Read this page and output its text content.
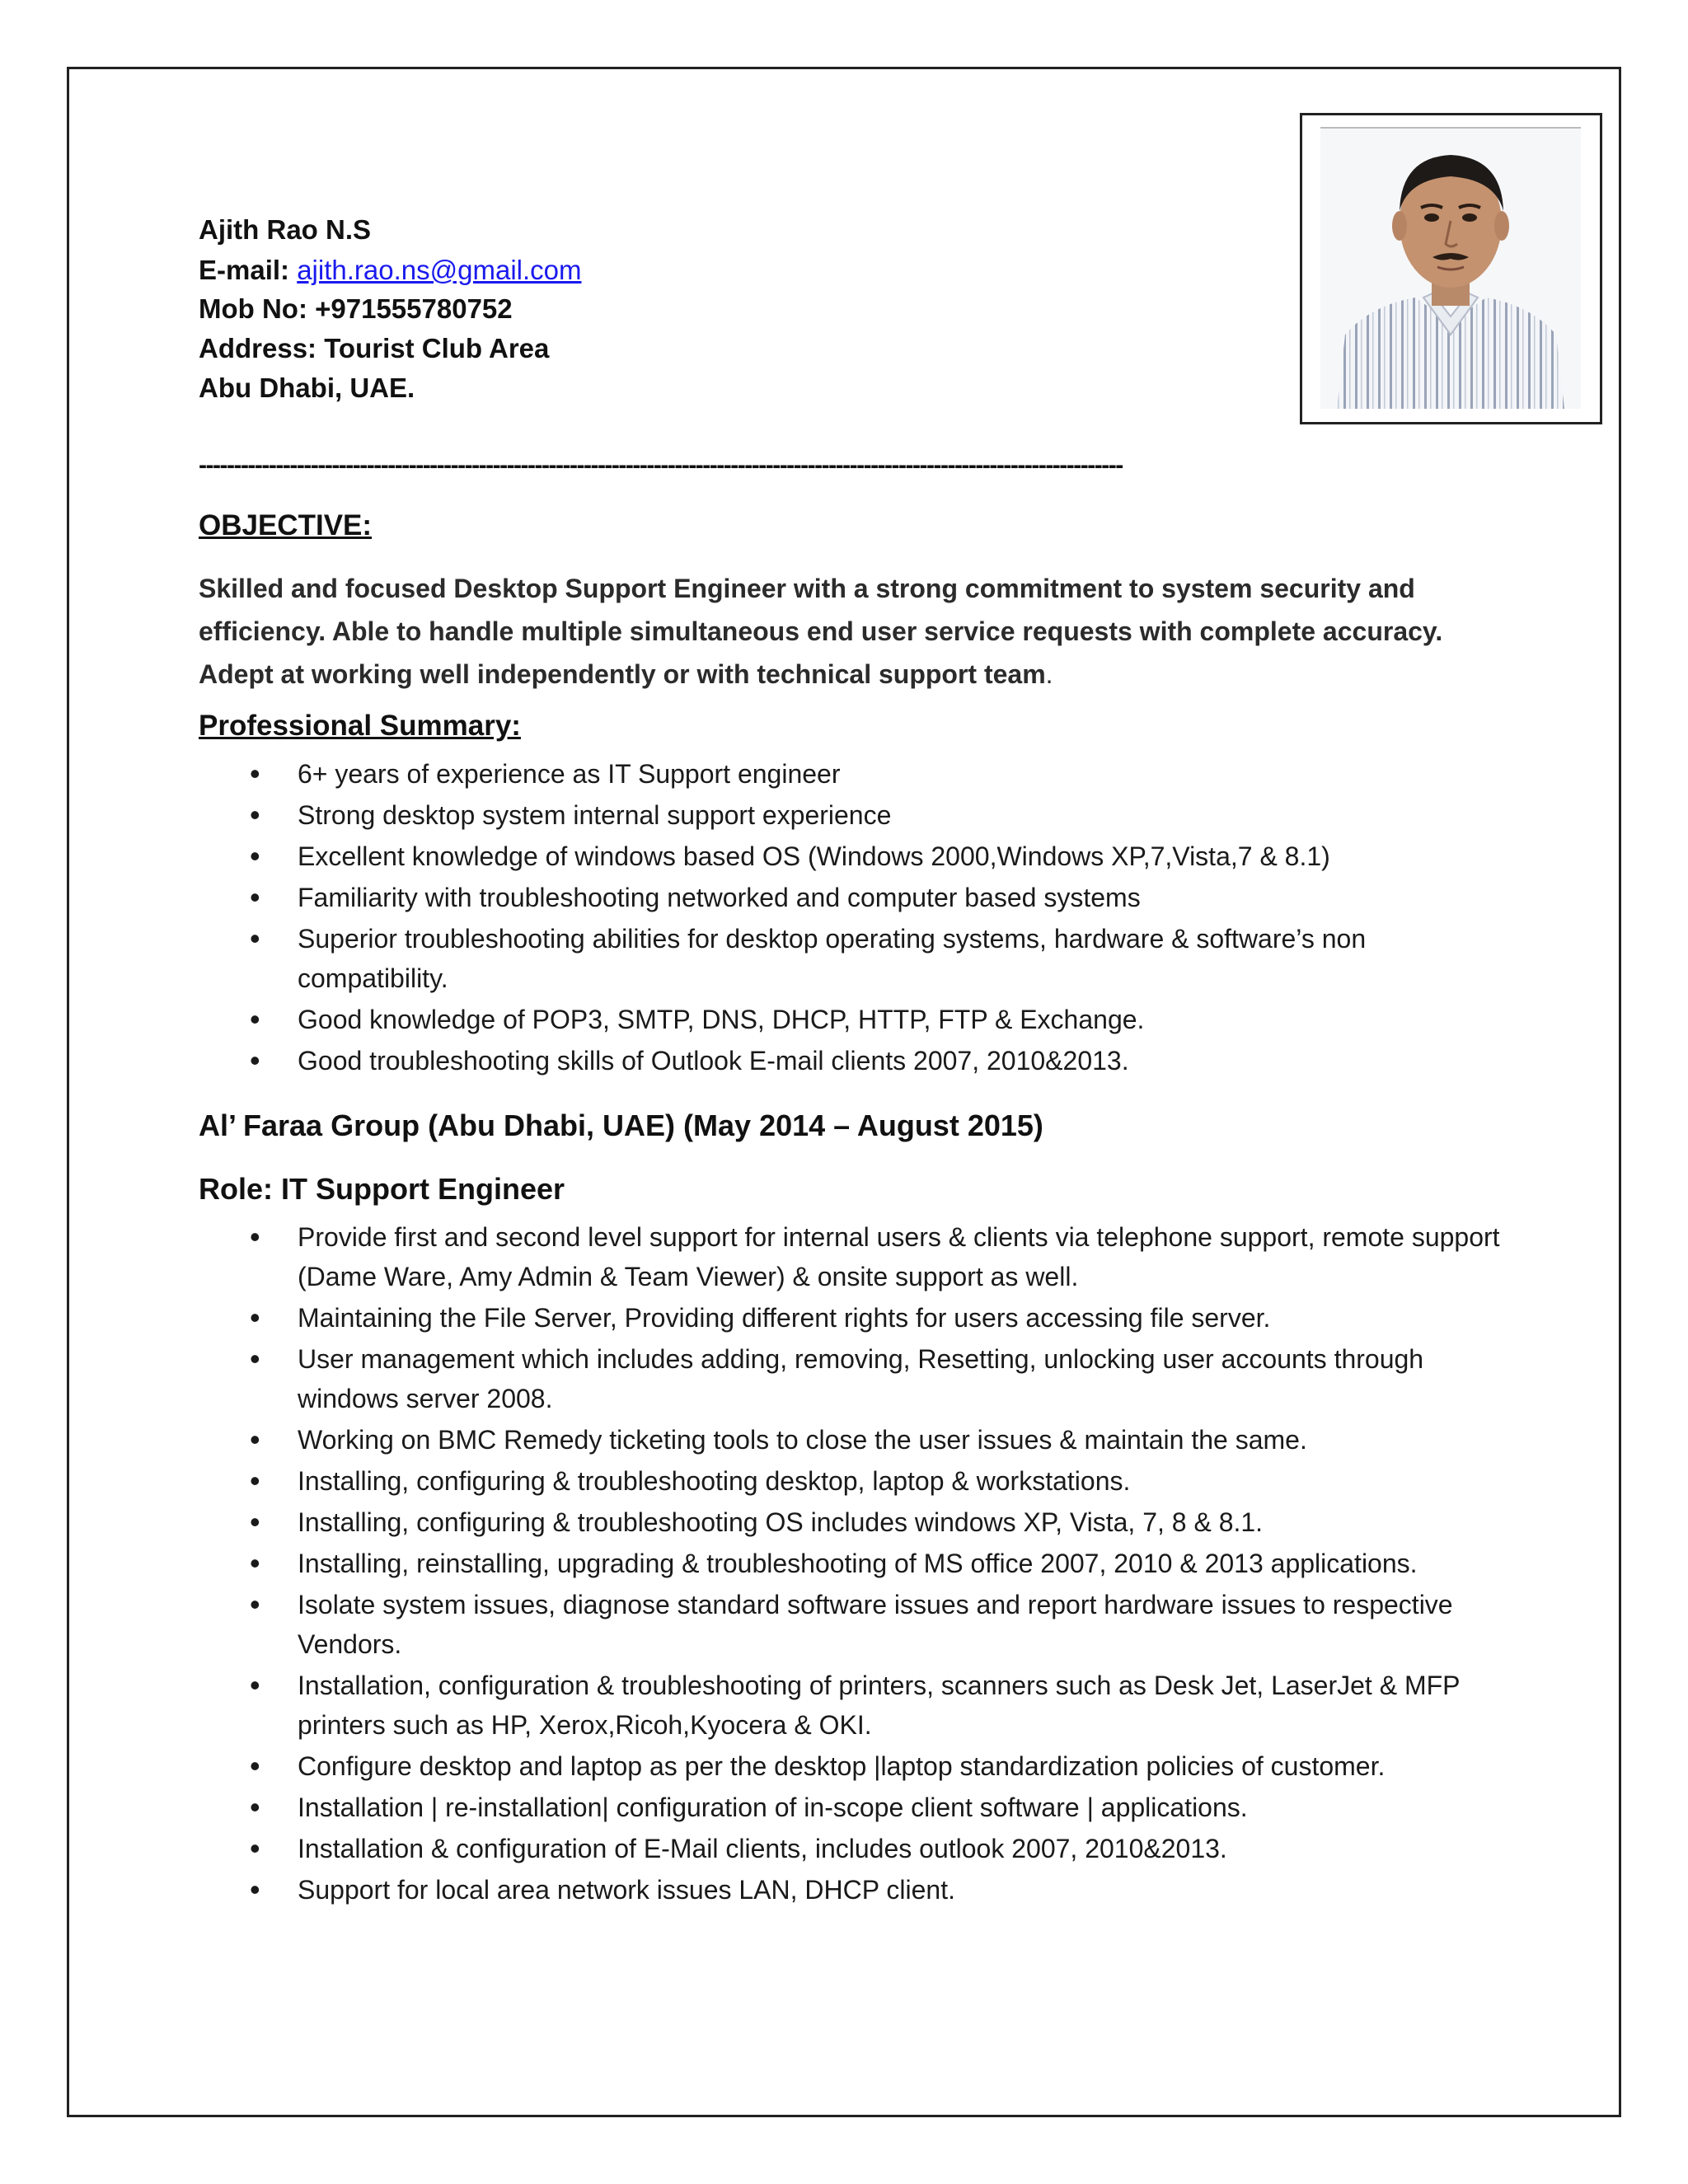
Ajith Rao N.S
E-mail: ajith.rao.ns@gmail.com
Mob No: +971555780752
Address: Tourist Club Area
Abu Dhabi, UAE.
------------------------------------------------------------------------------------------------------------------------------------
OBJECTIVE:
Skilled and focused Desktop Support Engineer with a strong commitment to system security and efficiency. Able to handle multiple simultaneous end user service requests with complete accuracy. Adept at working well independently or with technical support team.
Professional Summary:
• 6+ years of experience as IT Support engineer
• Strong desktop system internal support experience
• Excellent knowledge of windows based OS (Windows 2000,Windows XP,7,Vista,7 & 8.1)
• Familiarity with troubleshooting networked and computer based systems
• Superior troubleshooting abilities for desktop operating systems, hardware & software’s non compatibility.
• Good knowledge of POP3, SMTP, DNS, DHCP, HTTP, FTP & Exchange.
• Good troubleshooting skills of Outlook E-mail clients 2007, 2010&2013.
Al’ Faraa Group (Abu Dhabi, UAE) (May 2014 – August 2015)
Role: IT Support Engineer
• Provide first and second level support for internal users & clients via telephone support, remote support (Dame Ware, Amy Admin & Team Viewer) & onsite support as well.
• Maintaining the File Server, Providing different rights for users accessing file server.
• User management which includes adding, removing, Resetting, unlocking user accounts through windows server 2008.
• Working on BMC Remedy ticketing tools to close the user issues & maintain the same.
• Installing, configuring & troubleshooting desktop, laptop & workstations.
• Installing, configuring & troubleshooting OS includes windows XP, Vista, 7, 8 & 8.1.
• Installing, reinstalling, upgrading & troubleshooting of MS office 2007, 2010 & 2013 applications.
• Isolate system issues, diagnose standard software issues and report hardware issues to respective Vendors.
• Installation, configuration & troubleshooting of printers, scanners such as Desk Jet, LaserJet & MFP printers such as HP, Xerox,Ricoh,Kyocera & OKI.
• Configure desktop and laptop as per the desktop |laptop standardization policies of customer.
• Installation | re-installation| configuration of in-scope client software | applications.
• Installation & configuration of E-Mail clients, includes outlook 2007, 2010&2013.
• Support for local area network issues LAN, DHCP client.
